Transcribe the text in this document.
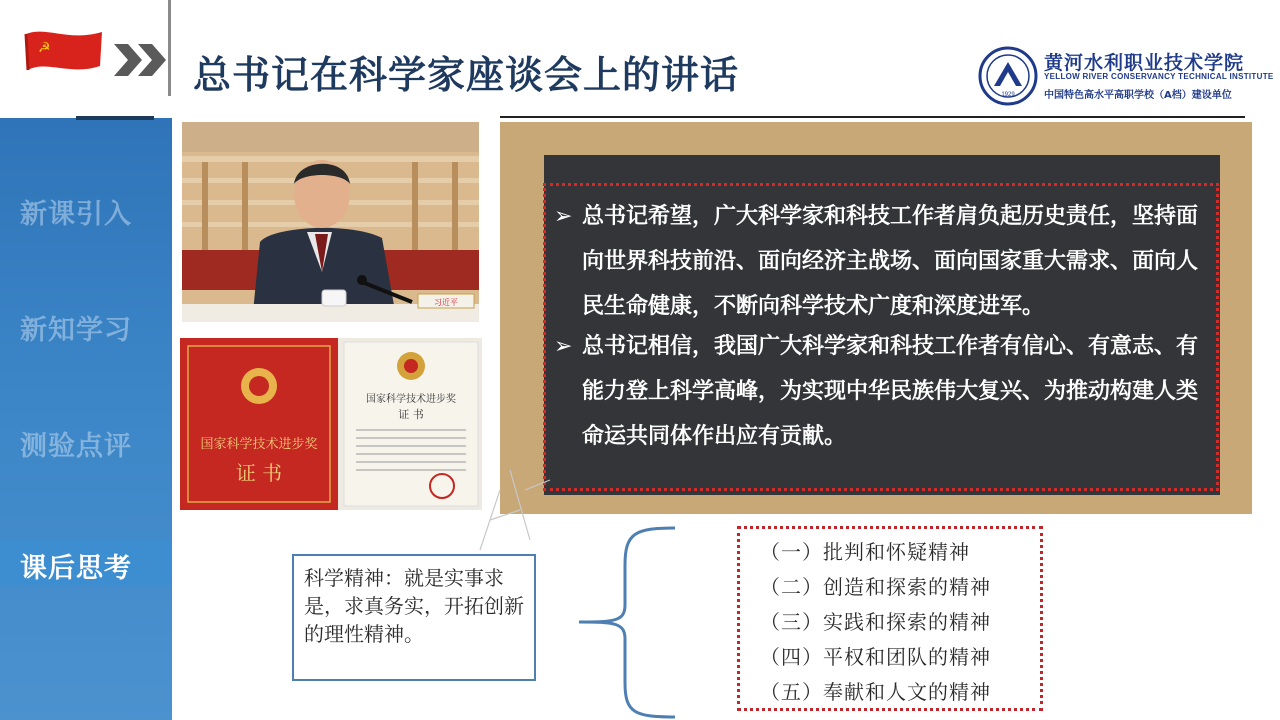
☭
总书记在科学家座谈会上的讲话	1929
黄河水利职业技术学院
YELLOW RIVER CONSERVANCY TECHNICAL INSTITUTE
中国特色高水平高职学校（A档）建设单位
新课引入
新知学习
测验点评
课后思考
习近平
国家科学技术进步奖
证 书
国家科学技术进步奖
证 书
➢ 总书记希望，广大科学家和科技工作者肩负起历史责任，坚持面向世界科技前沿、面向经济主战场、面向国家重大需求、面向人民生命健康，不断向科学技术广度和深度进军。
➢ 总书记相信，我国广大科学家和科技工作者有信心、有意志、有能力登上科学高峰，为实现中华民族伟大复兴、为推动构建人类命运共同体作出应有贡献。
科学精神：就是实事求是，求真务实，开拓创新的理性精神。
（一）批判和怀疑精神
（二）创造和探索的精神
（三）实践和探索的精神
（四）平权和团队的精神
（五）奉献和人文的精神
